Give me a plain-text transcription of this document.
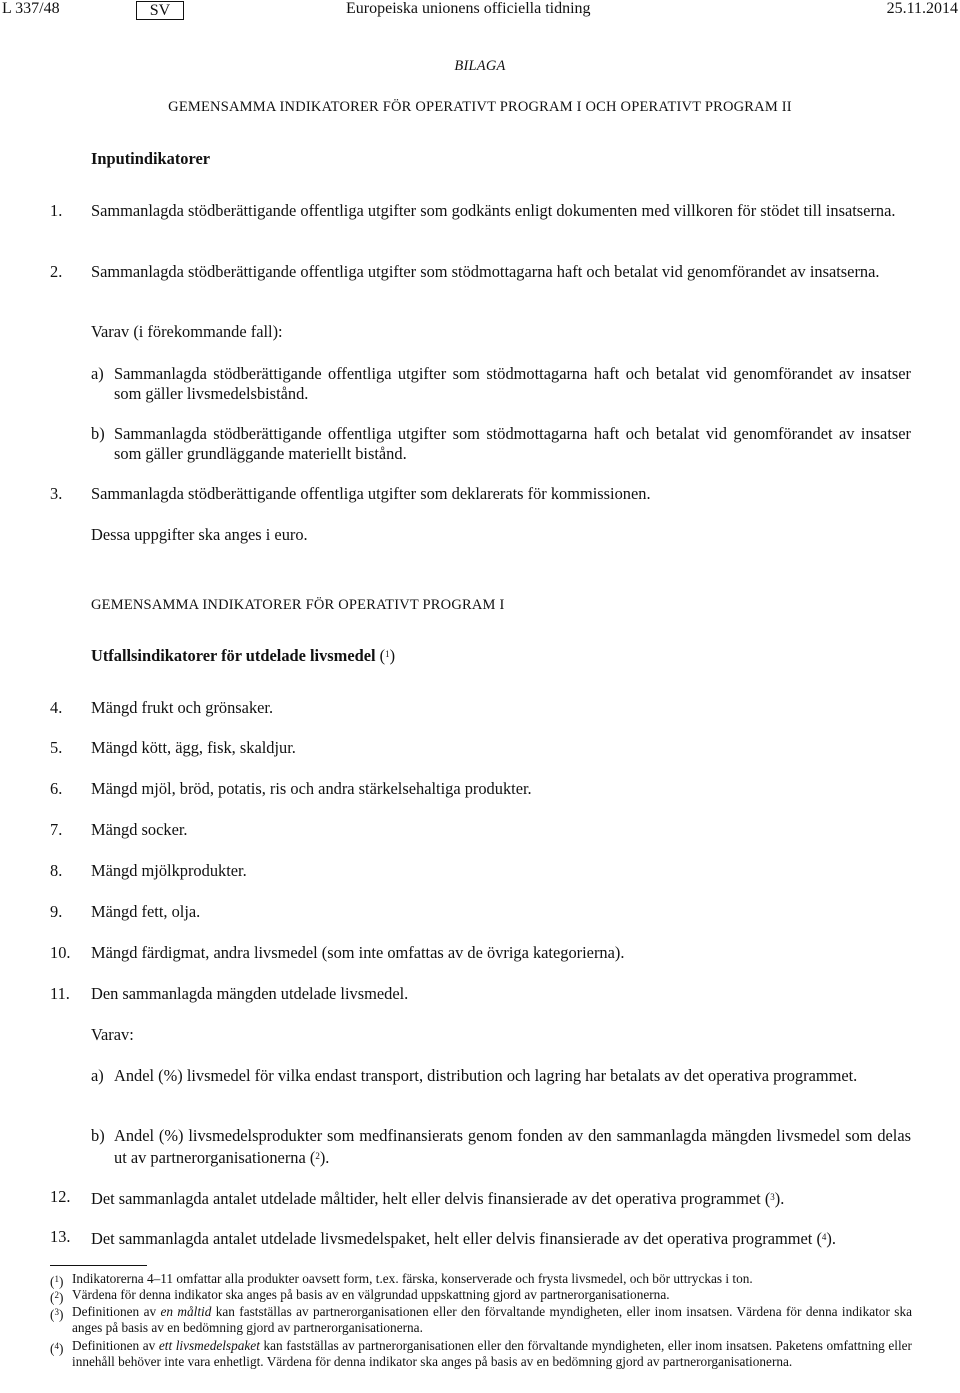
L 337/48	SV	Europeiska unionens officiella tidning	25.11.2014
BILAGA
GEMENSAMMA INDIKATORER FÖR OPERATIVT PROGRAM I OCH OPERATIVT PROGRAM II
Inputindikatorer
1. Sammanlagda stödberättigande offentliga utgifter som godkänts enligt dokumenten med villkoren för stödet till insatserna.
2. Sammanlagda stödberättigande offentliga utgifter som stödmottagarna haft och betalat vid genomförandet av insatserna.
Varav (i förekommande fall):
a) Sammanlagda stödberättigande offentliga utgifter som stödmottagarna haft och betalat vid genomförandet av insatser som gäller livsmedelsbistånd.
b) Sammanlagda stödberättigande offentliga utgifter som stödmottagarna haft och betalat vid genomförandet av insatser som gäller grundläggande materiellt bistånd.
3. Sammanlagda stödberättigande offentliga utgifter som deklarerats för kommissionen.
Dessa uppgifter ska anges i euro.
GEMENSAMMA INDIKATORER FÖR OPERATIVT PROGRAM I
Utfallsindikatorer för utdelade livsmedel ($^1$)
4. Mängd frukt och grönsaker.
5. Mängd kött, ägg, fisk, skaldjur.
6. Mängd mjöl, bröd, potatis, ris och andra stärkelsehaltiga produkter.
7. Mängd socker.
8. Mängd mjölkprodukter.
9. Mängd fett, olja.
10. Mängd färdigmat, andra livsmedel (som inte omfattas av de övriga kategorierna).
11. Den sammanlagda mängden utdelade livsmedel.
Varav:
a) Andel (%) livsmedel för vilka endast transport, distribution och lagring har betalats av det operativa programmet.
b) Andel (%) livsmedelsprodukter som medfinansierats genom fonden av den sammanlagda mängden livsmedel som delas ut av partnerorganisationerna ($^2$).
12. Det sammanlagda antalet utdelade måltider, helt eller delvis finansierade av det operativa programmet ($^3$).
13. Det sammanlagda antalet utdelade livsmedelspaket, helt eller delvis finansierade av det operativa programmet ($^4$).
($^1$) Indikatorerna 4–11 omfattar alla produkter oavsett form, t.ex. färska, konserverade och frysta livsmedel, och bör uttryckas i ton.
($^2$) Värdena för denna indikator ska anges på basis av en välgrundad uppskattning gjord av partnerorganisationerna.
($^3$) Definitionen av en måltid kan fastställas av partnerorganisationen eller den förvaltande myndigheten, eller inom insatsen. Värdena för denna indikator ska anges på basis av en bedömning gjord av partnerorganisationerna.
($^4$) Definitionen av ett livsmedelspaket kan fastställas av partnerorganisationen eller den förvaltande myndigheten, eller inom insatsen. Paketens omfattning eller innehåll behöver inte vara enhetligt. Värdena för denna indikator ska anges på basis av en bedömning gjord av partnerorganisationerna.
